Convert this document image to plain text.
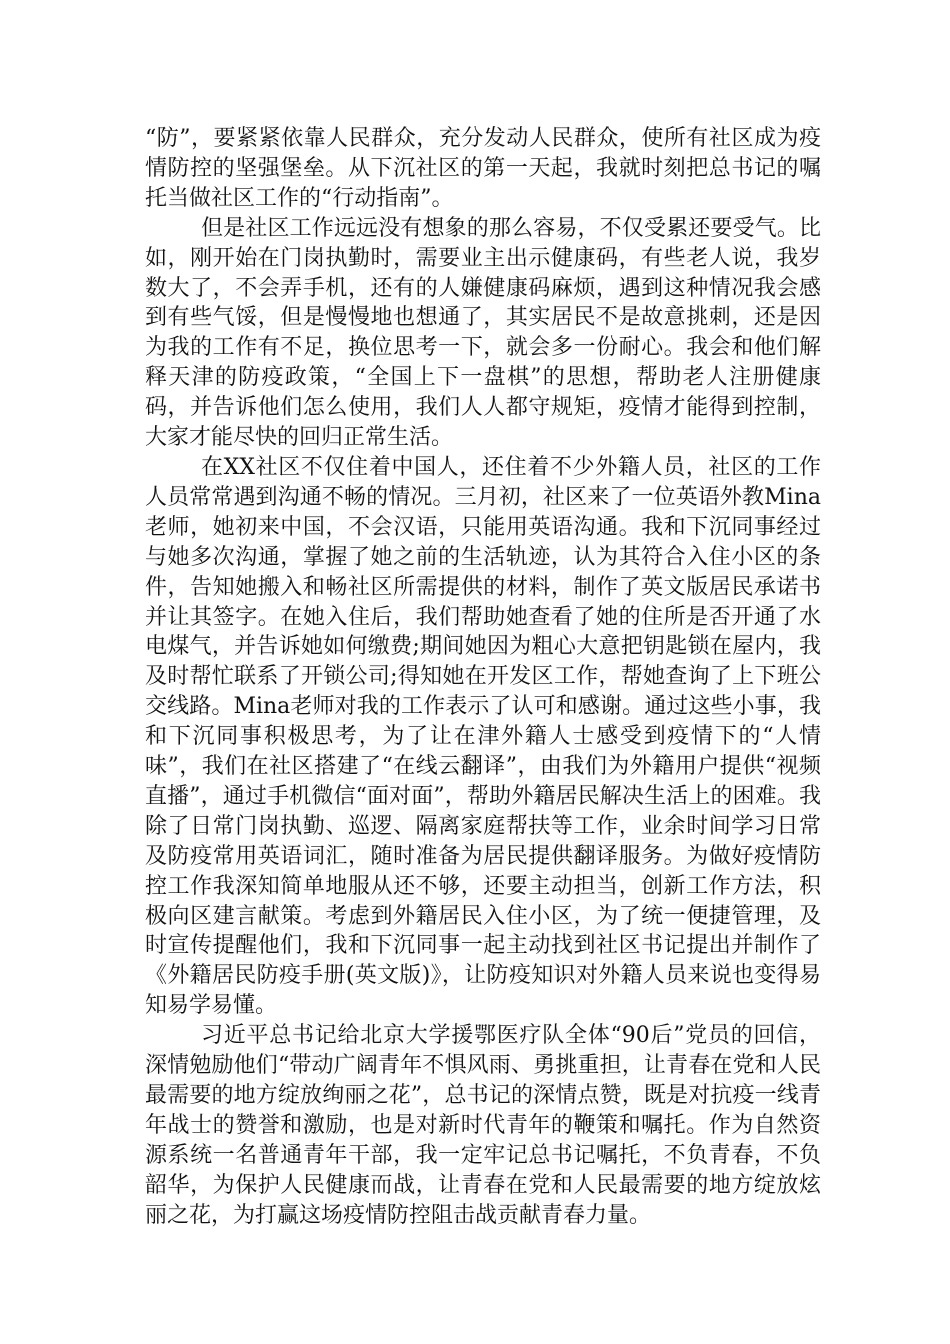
“防”，要紧紧依靠人民群众，充分发动人民群众，使所有社区成为疫情防控的坚强堡垒。从下沉社区的第一天起，我就时刻把总书记的嘱托当做社区工作的“行动指南”。

但是社区工作远远没有想象的那么容易，不仅受累还要受气。比如，刚开始在门岗执勤时，需要业主出示健康码，有些老人说，我岁数大了，不会弄手机，还有的人嫌健康码麻烦，遇到这种情况我会感到有些气馁，但是慢慢地也想通了，其实居民不是故意挑刺，还是因为我的工作有不足，换位思考一下，就会多一份耐心。我会和他们解释天津的防疫政策，“全国上下一盘棋”的思想，帮助老人注册健康码，并告诉他们怎么使用，我们人人都守规矩，疫情才能得到控制，大家才能尽快的回归正常生活。

在XX社区不仅住着中国人，还住着不少外籍人员，社区的工作人员常常遇到沟通不畅的情况。三月初，社区来了一位英语外教Mina老师，她初来中国，不会汉语，只能用英语沟通。我和下沉同事经过与她多次沟通，掌握了她之前的生活轨迹，认为其符合入住小区的条件，告知她搬入和畅社区所需提供的材料，制作了英文版居民承诺书并让其签字。在她入住后，我们帮助她查看了她的住所是否开通了水电煤气，并告诉她如何缴费;期间她因为粗心大意把钥匙锁在屋内，我及时帮忙联系了开锁公司;得知她在开发区工作，帮她查询了上下班公交线路。Mina老师对我的工作表示了认可和感谢。通过这些小事，我和下沉同事积极思考，为了让在津外籍人士感受到疫情下的“人情味”，我们在社区搭建了“在线云翻译”，由我们为外籍用户提供“视频直播”，通过手机微信“面对面”，帮助外籍居民解决生活上的困难。我除了日常门岗执勤、巡逻、隔离家庭帮扶等工作，业余时间学习日常及防疫常用英语词汇，随时准备为居民提供翻译服务。为做好疫情防控工作我深知简单地服从还不够，还要主动担当，创新工作方法，积极向区建言献策。考虑到外籍居民入住小区，为了统一便捷管理，及时宣传提醒他们，我和下沉同事一起主动找到社区书记提出并制作了《外籍居民防疫手册(英文版)》，让防疫知识对外籍人员来说也变得易知易学易懂。

习近平总书记给北京大学援鄂医疗队全体“90后”党员的回信，深情勉励他们“带动广阔青年不惧风雨、勇挑重担，让青春在党和人民最需要的地方绽放绚丽之花”，总书记的深情点赞，既是对抗疫一线青年战士的赞誉和激励，也是对新时代青年的鞭策和嘱托。作为自然资源系统一名普通青年干部，我一定牢记总书记嘱托，不负青春，不负韶华，为保护人民健康而战，让青春在党和人民最需要的地方绽放炫丽之花，为打赢这场疫情防控阻击战贡献青春力量。
